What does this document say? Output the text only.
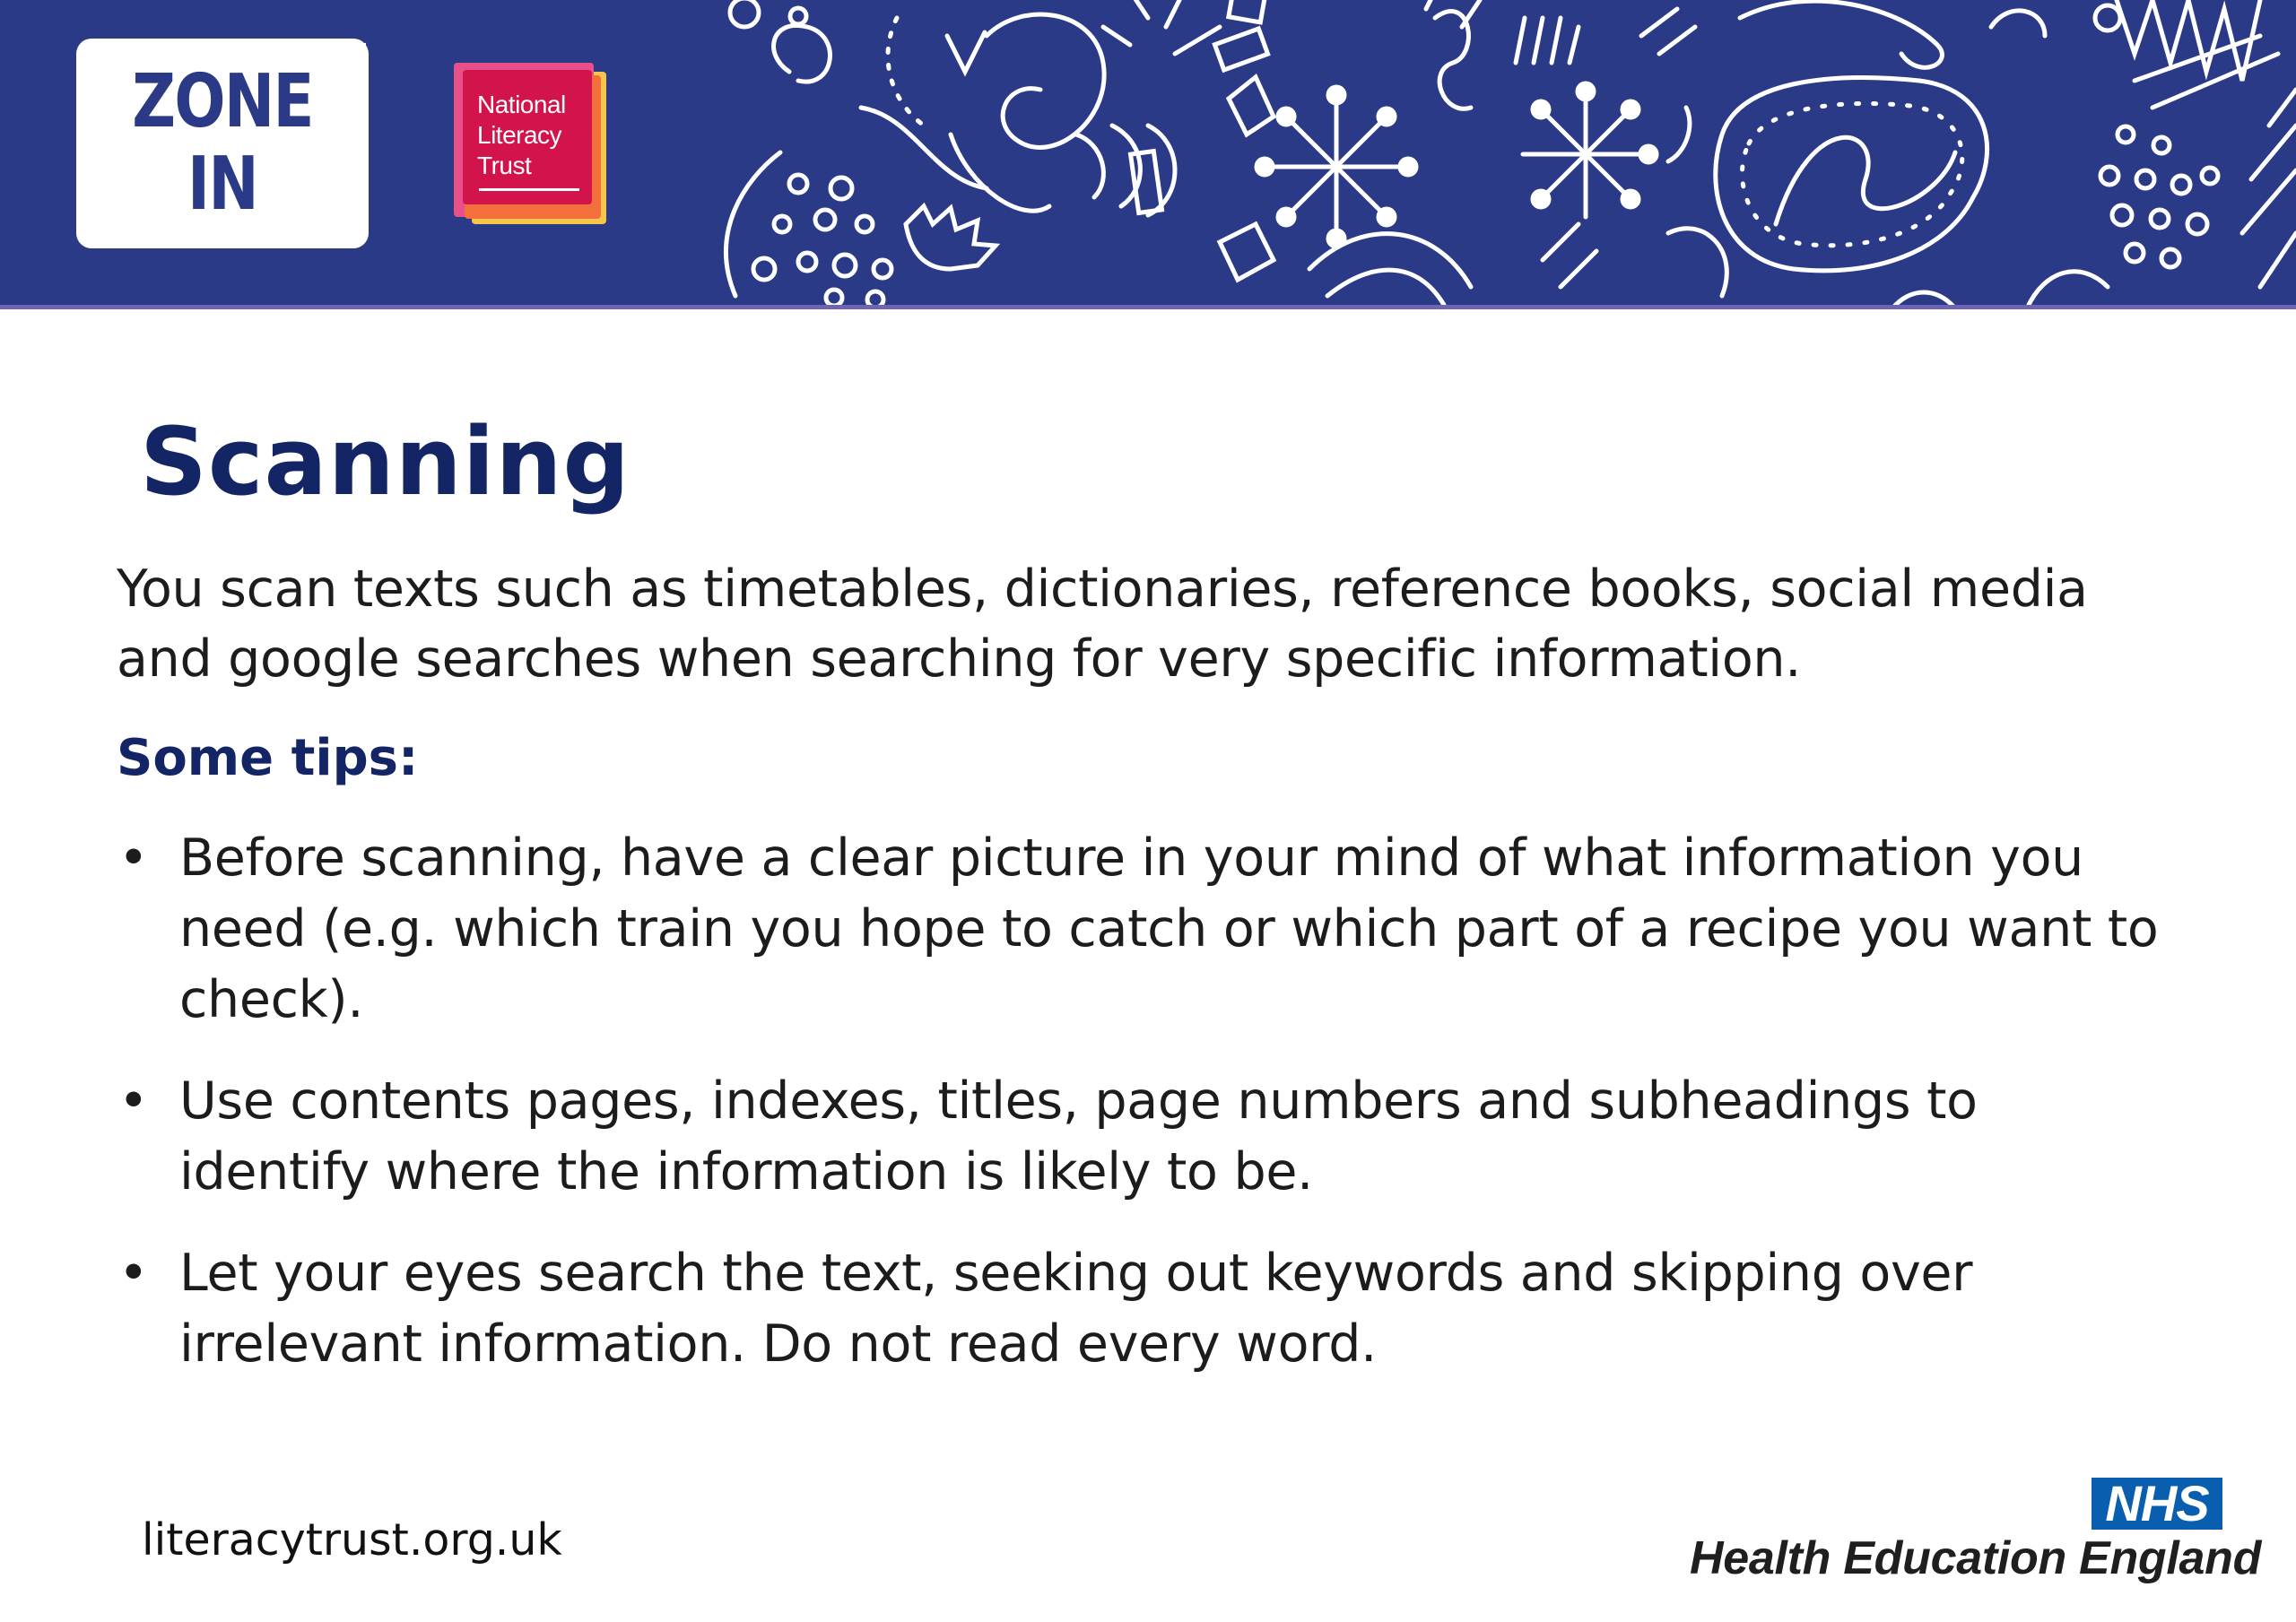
ZONE
IN
National
Literacy
Trust
Scanning

You scan texts such as timetables, dictionaries, reference books, social media and google searches when searching for very specific information.

Some tips:
• Before scanning, have a clear picture in your mind of what information you need (e.g. which train you hope to catch or which part of a recipe you want to check).
• Use contents pages, indexes, titles, page numbers and subheadings to identify where the information is likely to be.
• Let your eyes search the text, seeking out keywords and skipping over irrelevant information. Do not read every word.
literacytrust.org.uk
NHS
Health Education England
